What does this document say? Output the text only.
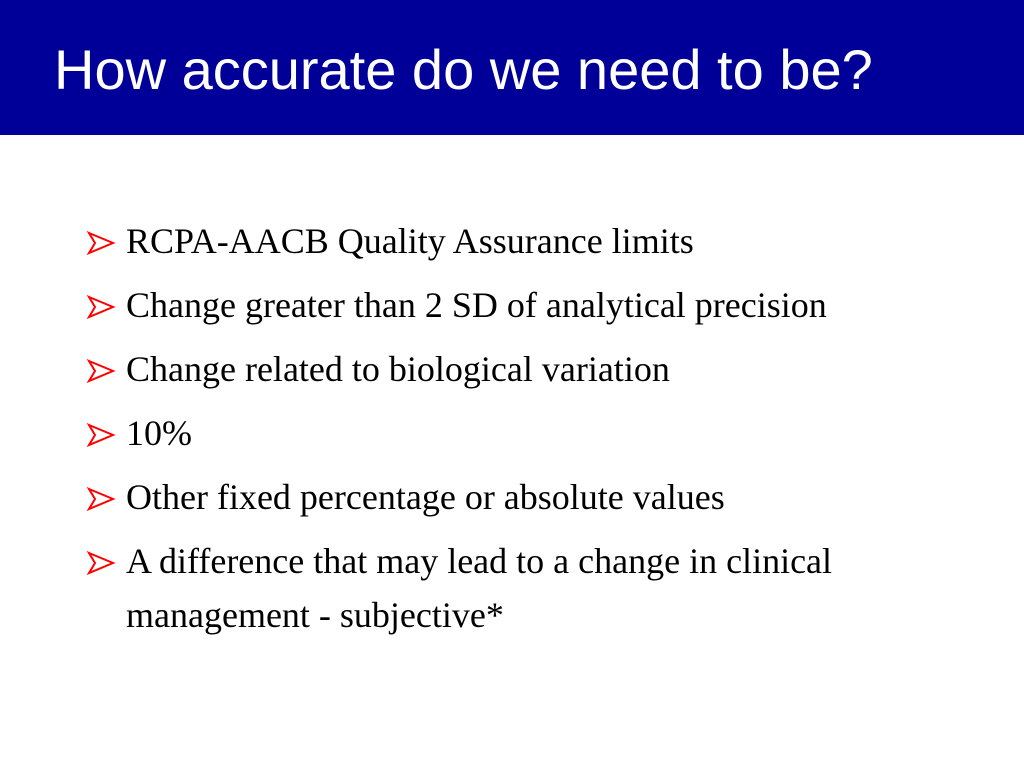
How accurate do we need to be?
RCPA-AACB Quality Assurance limits
Change greater than 2 SD of analytical precision
Change related to biological variation
10%
Other fixed percentage or absolute values
A difference that may lead to a change in clinical management - subjective*
